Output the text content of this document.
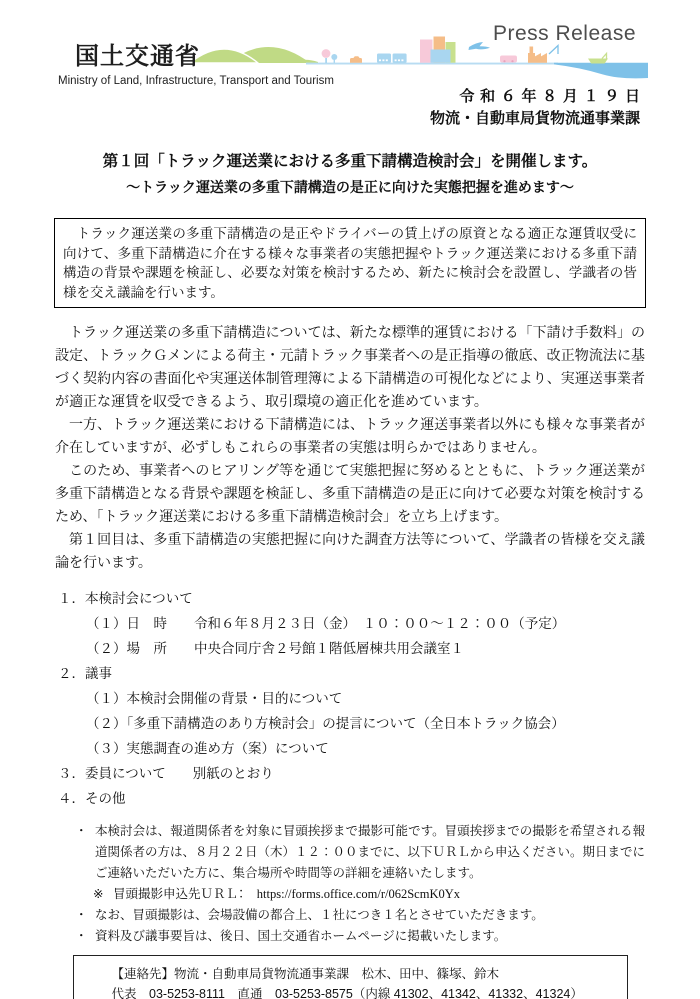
Press Release
国土交通省
Ministry of Land, Infrastructure, Transport and Tourism
令和６年８月１９日
物流・自動車局貨物流通事業課
第１回「トラック運送業における多重下請構造検討会」を開催します。
～トラック運送業の多重下請構造の是正に向けた実態把握を進めます～

　トラック運送業の多重下請構造の是正やドライバーの賃上げの原資となる適正な運賃収受に向けて、多重下請構造に介在する様々な事業者の実態把握やトラック運送業における多重下請構造の背景や課題を検証し、必要な対策を検討するため、新たに検討会を設置し、学識者の皆様を交え議論を行います。

　トラック運送業の多重下請構造については、新たな標準的運賃における「下請け手数料」の設定、トラックＧメンによる荷主・元請トラック事業者への是正指導の徹底、改正物流法に基づく契約内容の書面化や実運送体制管理簿による下請構造の可視化などにより、実運送事業者が適正な運賃を収受できるよう、取引環境の適正化を進めています。

　一方、トラック運送業における下請構造には、トラック運送事業者以外にも様々な事業者が介在していますが、必ずしもこれらの事業者の実態は明らかではありません。

　このため、事業者へのヒアリング等を通じて実態把握に努めるとともに、トラック運送業が多重下請構造となる背景や課題を検証し、多重下請構造の是正に向けて必要な対策を検討するため、「トラック運送業における多重下請構造検討会」を立ち上げます。

　第１回目は、多重下請構造の実態把握に向けた調査方法等について、学識者の皆様を交え議論を行います。

１．本検討会について
（１）日　時　　令和６年８月２３日（金）　１０：００～１２：００（予定）
（２）場　所　　中央合同庁舎２号館１階低層棟共用会議室１
２．議事
（１）本検討会開催の背景・目的について
（２）「多重下請構造のあり方検討会」の提言について（全日本トラック協会）
（３）実態調査の進め方（案）について
３．委員について　　別紙のとおり
４．その他
・ 本検討会は、報道関係者を対象に冒頭挨拶まで撮影可能です。冒頭挨拶までの撮影を希望される報道関係者の方は、８月２２日（木）１２：００までに、以下ＵＲＬから申込ください。期日までにご連絡いただいた方に、集合場所や時間等の詳細を連絡いたします。
※ 冒頭撮影申込先ＵＲＬ：　 https://forms.office.com/r/062ScmK0Yx
・ なお、冒頭撮影は、会場設備の都合上、１社につき１名とさせていただきます。
・ 資料及び議事要旨は、後日、国土交通省ホームページに掲載いたします。
【連絡先】物流・自動車局貨物流通事業課　松木、田中、篠塚、鈴木
代表　03-5253-8111　直通　03-5253-8575（内線 41302、41342、41332、41324）
